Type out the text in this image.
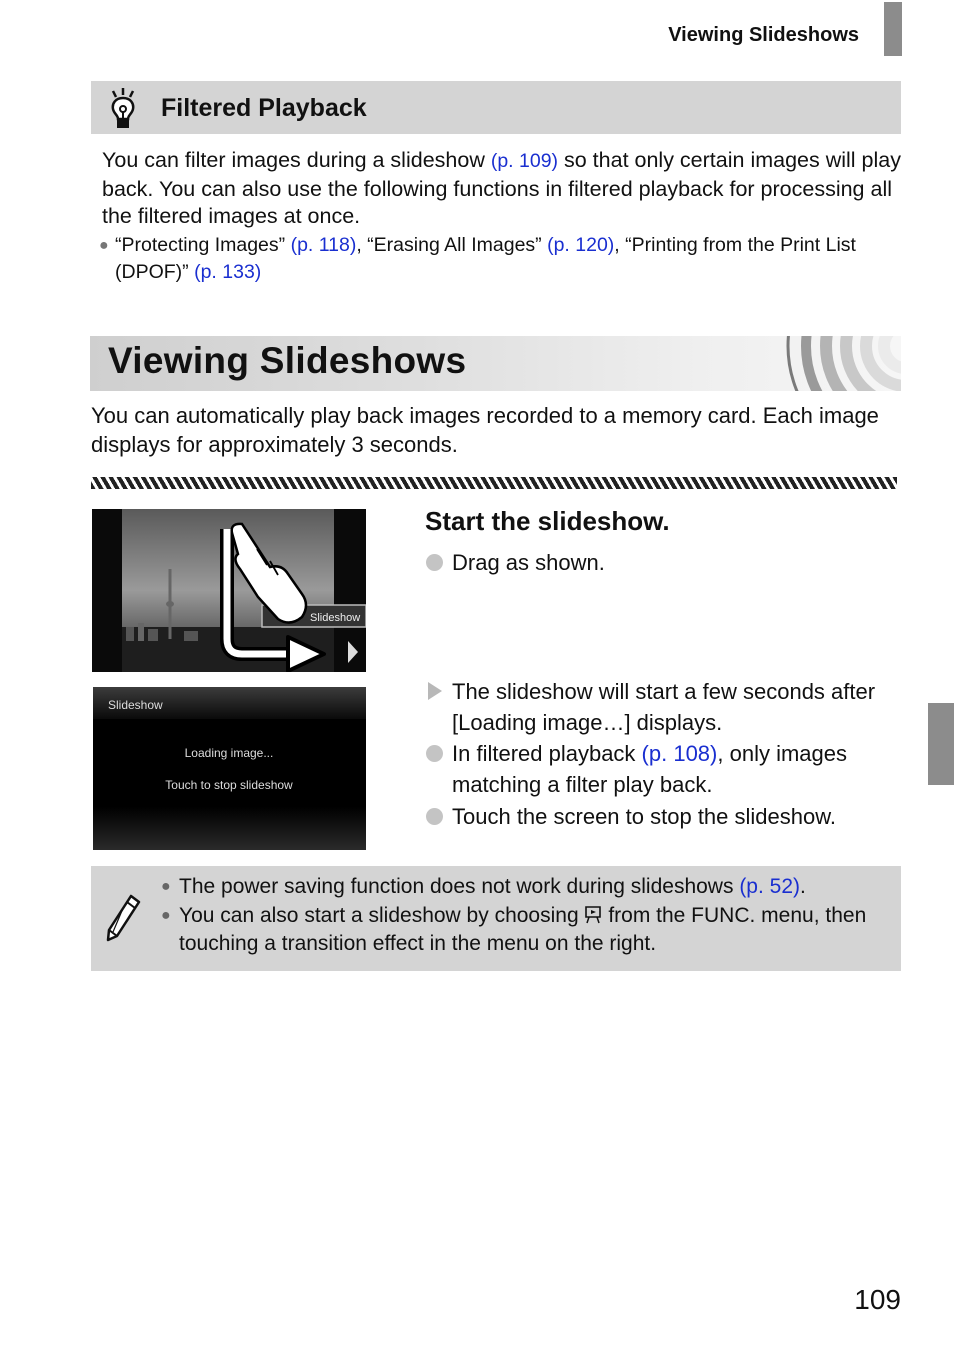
Viewing Slideshows
Filtered Playback
You can filter images during a slideshow (p. 109) so that only certain images will play back. You can also use the following functions in filtered playback for processing all the filtered images at once.
● “Protecting Images” (p. 118), “Erasing All Images” (p. 120), “Printing from the Print List (DPOF)” (p. 133)
Viewing Slideshows
You can automatically play back images recorded to a memory card. Each image displays for approximately 3 seconds.
Slideshow
Slideshow
Loading image...
Touch to stop slideshow
Start the slideshow.
Drag as shown.
The slideshow will start a few seconds after [Loading image…] displays.
In filtered playback (p. 108), only images matching a filter play back.
Touch the screen to stop the slideshow.
● The power saving function does not work during slideshows (p. 52).
● You can also start a slideshow by choosing  from the FUNC. menu, then touching a transition effect in the menu on the right.
109
